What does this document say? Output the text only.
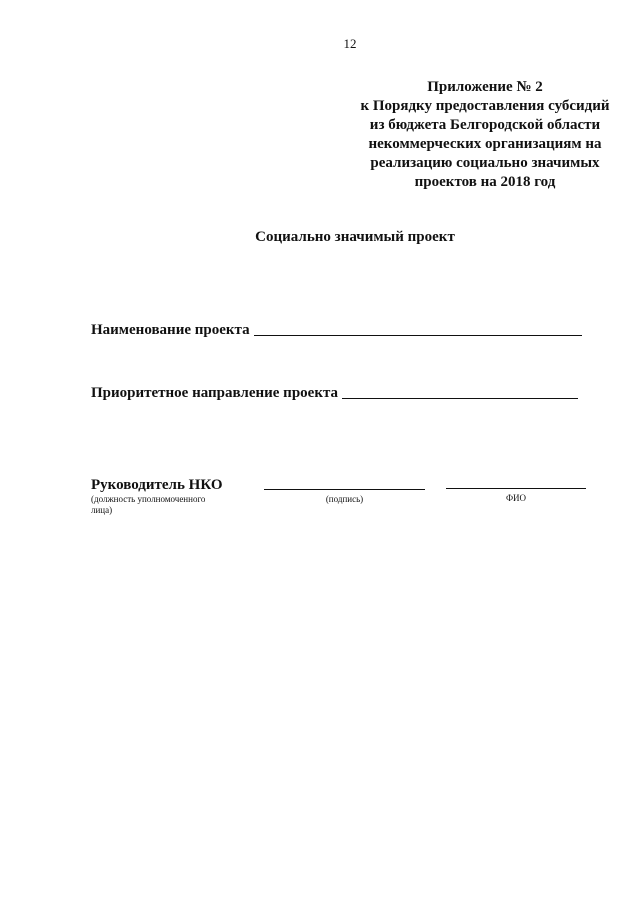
12
Приложение № 2
к Порядку предоставления субсидий
из бюджета Белгородской области
некоммерческих организациям на
реализацию социально значимых
проектов на 2018 год
Социально значимый проект
Наименование проекта
Приоритетное направление проекта
Руководитель НКО
(должность уполномоченного
лица)
(подпись)	ФИО
